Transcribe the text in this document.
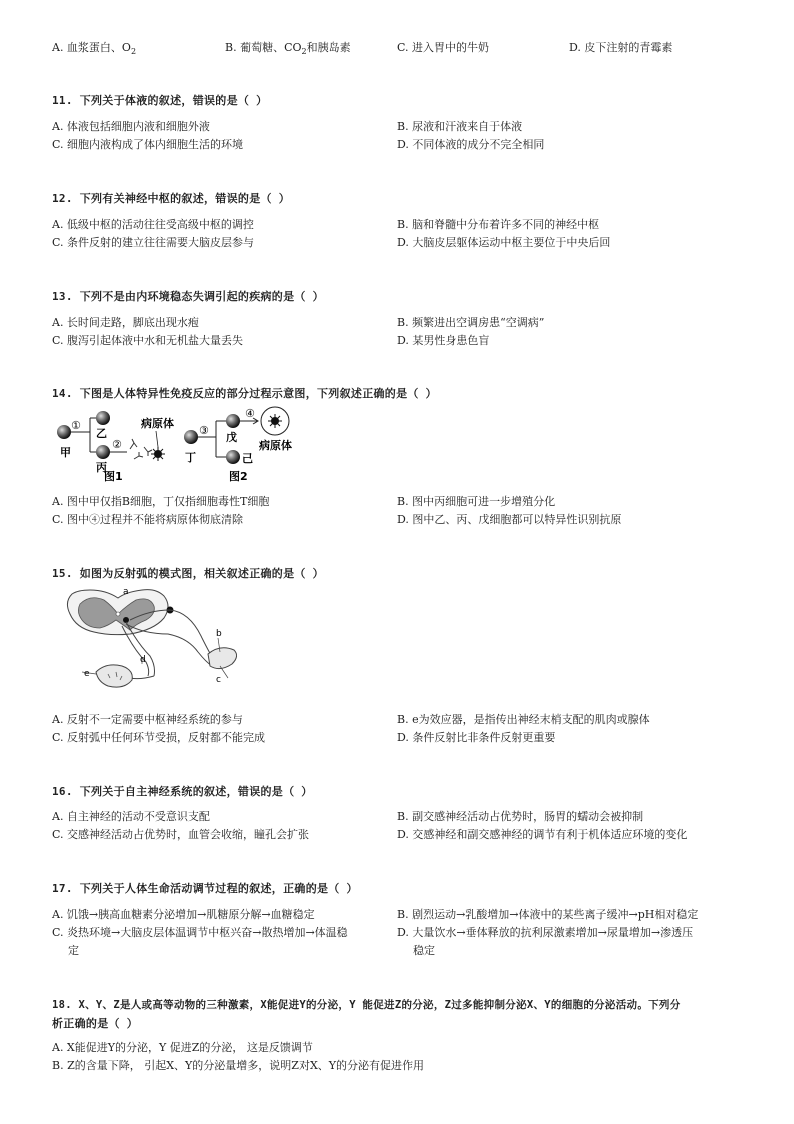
A. 血浆蛋白、$O_2$	B. 葡萄糖、$CO_2$和胰岛素	C. 进入胃中的牛奶	D. 皮下注射的青霉素
11. 下列关于体液的叙述，错误的是（ ）
A. 体液包括细胞内液和细胞外液	B. 尿液和汗液来自于体液
C. 细胞内液构成了体内细胞生活的环境	D. 不同体液的成分不完全相同
12. 下列有关神经中枢的叙述，错误的是（ ）
A. 低级中枢的活动往往受高级中枢的调控	B. 脑和脊髓中分布着许多不同的神经中枢
C. 条件反射的建立往往需要大脑皮层参与	D. 大脑皮层躯体运动中枢主要位于中央后回
13. 下列不是由内环境稳态失调引起的疾病的是（ ）
A. 长时间走路，脚底出现水疱	B. 频繁进出空调房患“空调病”
C. 腹泻引起体液中水和无机盐大量丢失	D. 某男性身患色盲
14. 下图是人体特异性免疫反应的部分过程示意图，下列叙述正确的是（ ）
甲
①
乙
丙
②
病原体
图1
丁
③
戊
己
④
病原体
图2
A. 图中甲仅指B细胞，丁仅指细胞毒性T细胞	B. 图中丙细胞可进一步增殖分化
C. 图中④过程并不能将病原体彻底清除	D. 图中乙、丙、戊细胞都可以特异性识别抗原
15. 如图为反射弧的模式图，相关叙述正确的是（ ）
a
b
c
e
d
A. 反射不一定需要中枢神经系统的参与	B. e为效应器，是指传出神经末梢支配的肌肉或腺体
C. 反射弧中任何环节受损，反射都不能完成	D. 条件反射比非条件反射更重要
16. 下列关于自主神经系统的叙述，错误的是（ ）
A. 自主神经的活动不受意识支配	B. 副交感神经活动占优势时，肠胃的蠕动会被抑制
C. 交感神经活动占优势时，血管会收缩，瞳孔会扩张	D. 交感神经和副交感神经的调节有利于机体适应环境的变化
17. 下列关于人体生命活动调节过程的叙述，正确的是（ ）
A. 饥饿→胰高血糖素分泌增加→肌糖原分解→血糖稳定	B. 剧烈运动→乳酸增加→体液中的某些离子缓冲→pH相对稳定
C. 炎热环境→大脑皮层体温调节中枢兴奋→散热增加→体温稳	D. 大量饮水→垂体释放的抗利尿激素增加→尿量增加→渗透压
定	稳定
18. X、Y、Z是人或高等动物的三种激素，X能促进Y的分泌，Y 能促进Z的分泌，Z过多能抑制分泌X、Y的细胞的分泌活动。下列分
析正确的是（ ）
A. X能促进Y的分泌，Y 促进Z的分泌， 这是反馈调节
B. Z的含量下降， 引起X、Y的分泌量增多，说明Z对X、Y的分泌有促进作用
